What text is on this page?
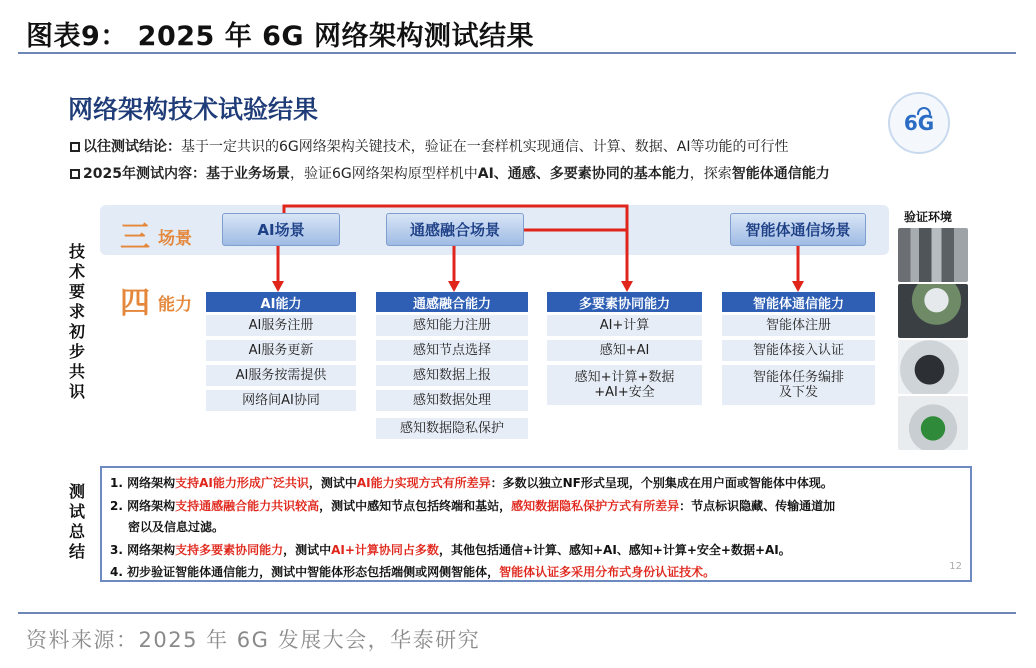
图表9： 2025 年 6G 网络架构测试结果
网络架构技术试验结果	6G
以往测试结论：基于一定共识的6G网络架构关键技术，验证在一套样机实现通信、计算、数据、AI等功能的可行性
2025年测试内容：基于业务场景，验证6G网络架构原型样机中AI、通感、多要素协同的基本能力，探索智能体通信能力
三场景
四能力
AI场景	通感融合场景	智能体通信场景
技
术
要
求
初
步
共
识
测
试
总
结
AI能力
AI服务注册
AI服务更新
AI服务按需提供
网络间AI协同
通感融合能力
感知能力注册
感知节点选择
感知数据上报
感知数据处理
感知数据隐私保护
多要素协同能力
AI+计算
感知+AI
感知+计算+数据
+AI+安全
智能体通信能力
智能体注册
智能体接入认证
智能体任务编排
及下发
验证环境
1. 网络架构支持AI能力形成广泛共识，测试中AI能力实现方式有所差异：多数以独立NF形式呈现，个别集成在用户面或智能体中体现。
2. 网络架构支持通感融合能力共识较高，测试中感知节点包括终端和基站，感知数据隐私保护方式有所差异：节点标识隐藏、传输通道加
密以及信息过滤。
3. 网络架构支持多要素协同能力，测试中AI+计算协同占多数，其他包括通信+计算、感知+AI、感知+计算+安全+数据+AI。
4. 初步验证智能体通信能力，测试中智能体形态包括端侧或网侧智能体，智能体认证多采用分布式身份认证技术。	12
资料来源：2025 年 6G 发展大会，华泰研究
